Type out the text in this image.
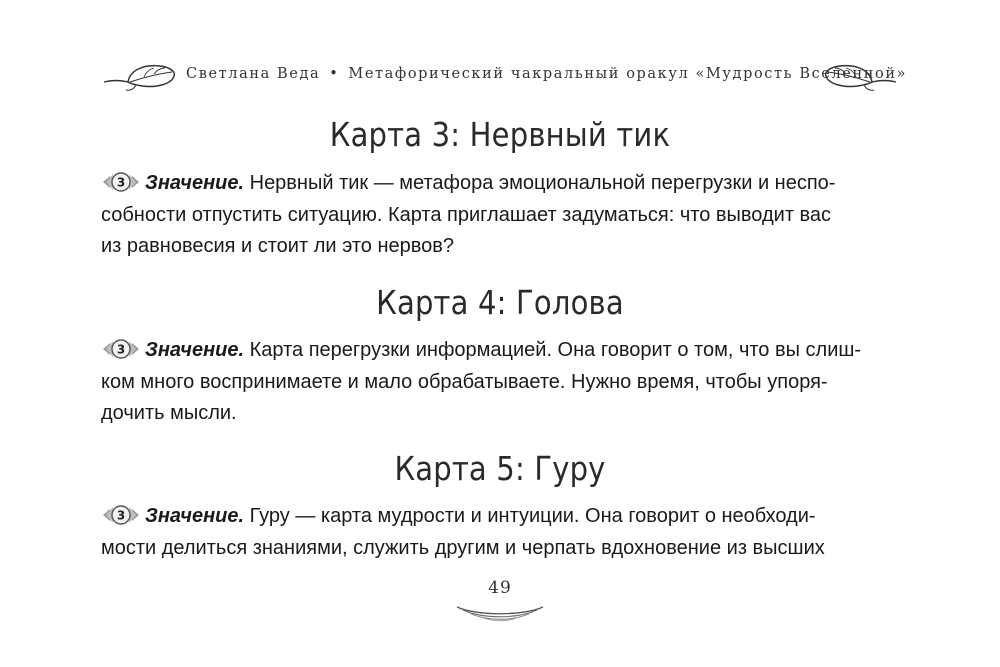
Светлана Веда • Метафорический чакральный оракул «Мудрость Вселенной»
Карта 3: Нервный тик

3 Значение. Нервный тик — метафора эмоциональной перегрузки и неспо-
собности отпустить ситуацию. Карта приглашает задуматься: что выводит вас
из равновесия и стоит ли это нервов?

Карта 4: Голова

3 Значение. Карта перегрузки информацией. Она говорит о том, что вы слиш-
ком много воспринимаете и мало обрабатываете. Нужно время, чтобы упоря-
дочить мысли.

Карта 5: Гуру

3 Значение. Гуру — карта мудрости и интуиции. Она говорит о необходи-
мости делиться знаниями, служить другим и черпать вдохновение из высших

49
